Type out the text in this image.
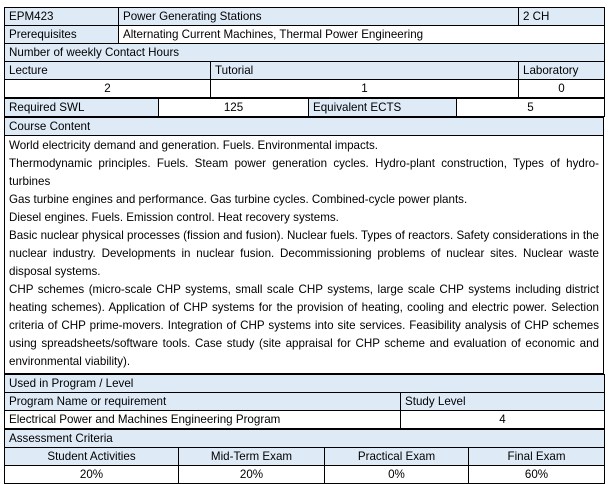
EPM423	Power Generating Stations		2 CH
Prerequisites	Alternating Current Machines, Thermal Power Engineering		
Number of weekly Contact Hours			
Lecture		Tutorial	Laboratory
2		1	0
Required SWL	125	Equivalent ECTS	5
Course Content

World electricity demand and generation. Fuels. Environmental impacts.

Thermodynamic principles. Fuels. Steam power generation cycles. Hydro-plant construction, Types of hydro-turbines

Gas turbine engines and performance. Gas turbine cycles. Combined-cycle power plants.

Diesel engines. Fuels. Emission control. Heat recovery systems.

Basic nuclear physical processes (fission and fusion). Nuclear fuels. Types of reactors. Safety considerations in the nuclear industry. Developments in nuclear fusion. Decommissioning problems of nuclear sites. Nuclear waste disposal systems.

CHP schemes (micro-scale CHP systems, small scale CHP systems, large scale CHP systems including district heating schemes). Application of CHP systems for the provision of heating, cooling and electric power. Selection criteria of CHP prime-movers. Integration of CHP systems into site services. Feasibility analysis of CHP schemes using spreadsheets/software tools. Case study (site appraisal for CHP scheme and evaluation of economic and environmental viability).

Used in Program / Level	
Program Name or requirement	Study Level
Electrical Power and Machines Engineering Program	4
Assessment Criteria			
Student Activities	Mid-Term Exam	Practical Exam	Final Exam
20%	20%	0%	60%
